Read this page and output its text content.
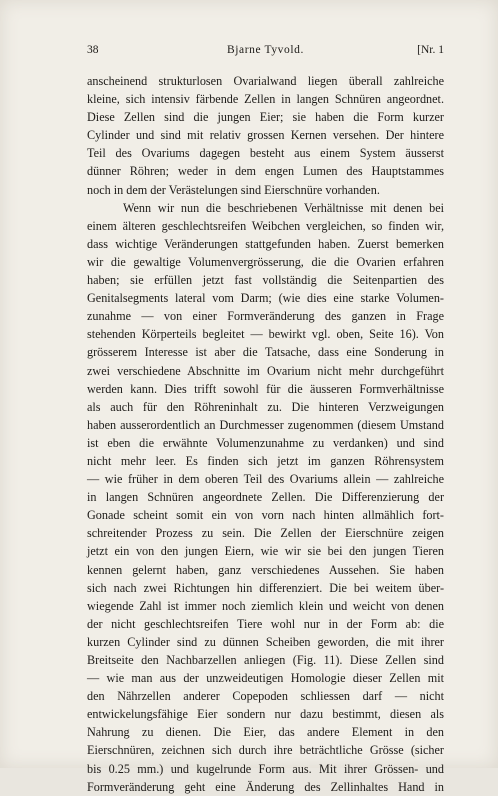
38	Bjarne Tyvold.	[Nr. 1
anscheinend strukturlosen Ovarialwand liegen überall zahlreiche
kleine, sich intensiv färbende Zellen in langen Schnüren angeordnet.
Diese Zellen sind die jungen Eier; sie haben die Form kurzer
Cylinder und sind mit relativ grossen Kernen versehen. Der hintere
Teil des Ovariums dagegen besteht aus einem System äusserst
dünner Röhren; weder in dem engen Lumen des Hauptstammes
noch in dem der Verästelungen sind Eierschnüre vorhanden.
Wenn wir nun die beschriebenen Verhältnisse mit denen bei
einem älteren geschlechtsreifen Weibchen vergleichen, so finden wir,
dass wichtige Veränderungen stattgefunden haben. Zuerst bemerken
wir die gewaltige Volumenvergrösserung, die die Ovarien erfahren
haben; sie erfüllen jetzt fast vollständig die Seitenpartien des
Genitalsegments lateral vom Darm; (wie dies eine starke Volumen-
zunahme — von einer Formveränderung des ganzen in Frage
stehenden Körperteils begleitet — bewirkt vgl. oben, Seite 16). Von
grösserem Interesse ist aber die Tatsache, dass eine Sonderung in
zwei verschiedene Abschnitte im Ovarium nicht mehr durchgeführt
werden kann. Dies trifft sowohl für die äusseren Formverhältnisse
als auch für den Röhreninhalt zu. Die hinteren Verzweigungen
haben ausserordentlich an Durchmesser zugenommen (diesem Umstand
ist eben die erwähnte Volumenzunahme zu verdanken) und sind
nicht mehr leer. Es finden sich jetzt im ganzen Röhrensystem
— wie früher in dem oberen Teil des Ovariums allein — zahlreiche
in langen Schnüren angeordnete Zellen. Die Differenzierung der
Gonade scheint somit ein von vorn nach hinten allmählich fort-
schreitender Prozess zu sein. Die Zellen der Eierschnüre zeigen
jetzt ein von den jungen Eiern, wie wir sie bei den jungen Tieren
kennen gelernt haben, ganz verschiedenes Aussehen. Sie haben
sich nach zwei Richtungen hin differenziert. Die bei weitem über-
wiegende Zahl ist immer noch ziemlich klein und weicht von denen
der nicht geschlechtsreifen Tiere wohl nur in der Form ab: die
kurzen Cylinder sind zu dünnen Scheiben geworden, die mit ihrer
Breitseite den Nachbarzellen anliegen (Fig. 11). Diese Zellen sind
— wie man aus der unzweideutigen Homologie dieser Zellen mit
den Nährzellen anderer Copepoden schliessen darf — nicht
entwickelungsfähige Eier sondern nur dazu bestimmt, diesen als
Nahrung zu dienen. Die Eier, das andere Element in den
Eierschnüren, zeichnen sich durch ihre beträchtliche Grösse (sicher
bis 0.25 mm.) und kugelrunde Form aus. Mit ihrer Grössen- und
Formveränderung geht eine Änderung des Zellinhaltes Hand in
